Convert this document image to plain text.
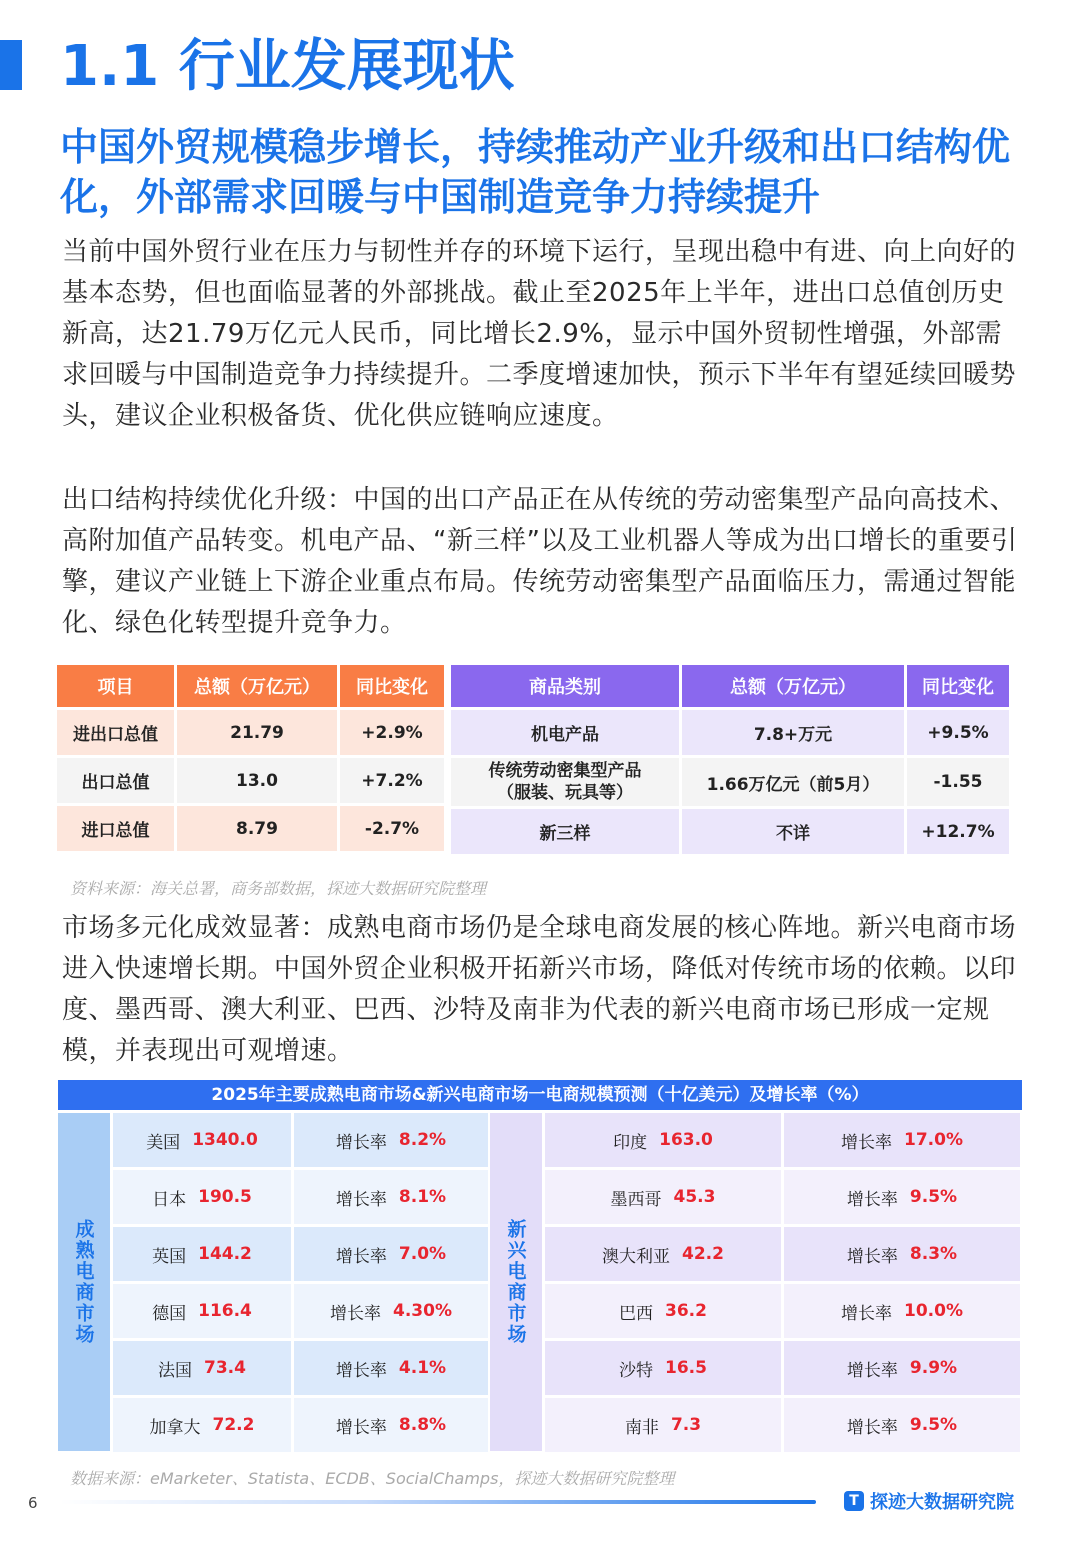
1.1 行业发展现状
中国外贸规模稳步增长，持续推动产业升级和出口结构优化，外部需求回暖与中国制造竞争力持续提升

当前中国外贸行业在压力与韧性并存的环境下运行，呈现出稳中有进、向上向好的基本态势，但也面临显著的外部挑战。截止至2025年上半年，进出口总值创历史新高，达21.79万亿元人民币，同比增长2.9%，显示中国外贸韧性增强，外部需求回暖与中国制造竞争力持续提升。二季度增速加快，预示下半年有望延续回暖势头，建议企业积极备货、优化供应链响应速度。

出口结构持续优化升级：中国的出口产品正在从传统的劳动密集型产品向高技术、高附加值产品转变。机电产品、“新三样”以及工业机器人等成为出口增长的重要引擎，建议产业链上下游企业重点布局。传统劳动密集型产品面临压力，需通过智能化、绿色化转型提升竞争力。

项目	总额（万亿元）	同比变化
进出口总值	21.79	+2.9%
出口总值	13.0	+7.2%
进口总值	8.79	-2.7%
商品类别	总额（万亿元）	同比变化
机电产品	7.8+万元	+9.5%

传统劳动密集型产品
（服装、玩具等）	1.66万亿元（前5月）	-1.55
新三样	不详	+12.7%
资料来源：海关总署，商务部数据，探迹大数据研究院整理

市场多元化成效显著：成熟电商市场仍是全球电商发展的核心阵地。新兴电商市场进入快速增长期。中国外贸企业积极开拓新兴市场，降低对传统市场的依赖。以印度、墨西哥、澳大利亚、巴西、沙特及南非为代表的新兴电商市场已形成一定规模，并表现出可观增速。

2025年主要成熟电商市场&新兴电商市场一电商规模预测（十亿美元）及增长率（%）
成熟电商市场
美国 1340.0	增长率 8.2%
日本 190.5	增长率 8.1%
英国 144.2	增长率 7.0%
德国 116.4	增长率 4.30%
法国 73.4	增长率 4.1%
加拿大 72.2	增长率 8.8%
新兴电商市场
印度 163.0	增长率 17.0%
墨西哥 45.3	增长率 9.5%
澳大利亚 42.2	增长率 8.3%
巴西 36.2	增长率 10.0%
沙特 16.5	增长率 9.9%
南非 7.3	增长率 9.5%
数据来源：eMarketer、Statista、ECDB、SocialChamps，探迹大数据研究院整理
6	T 探迹大数据研究院
